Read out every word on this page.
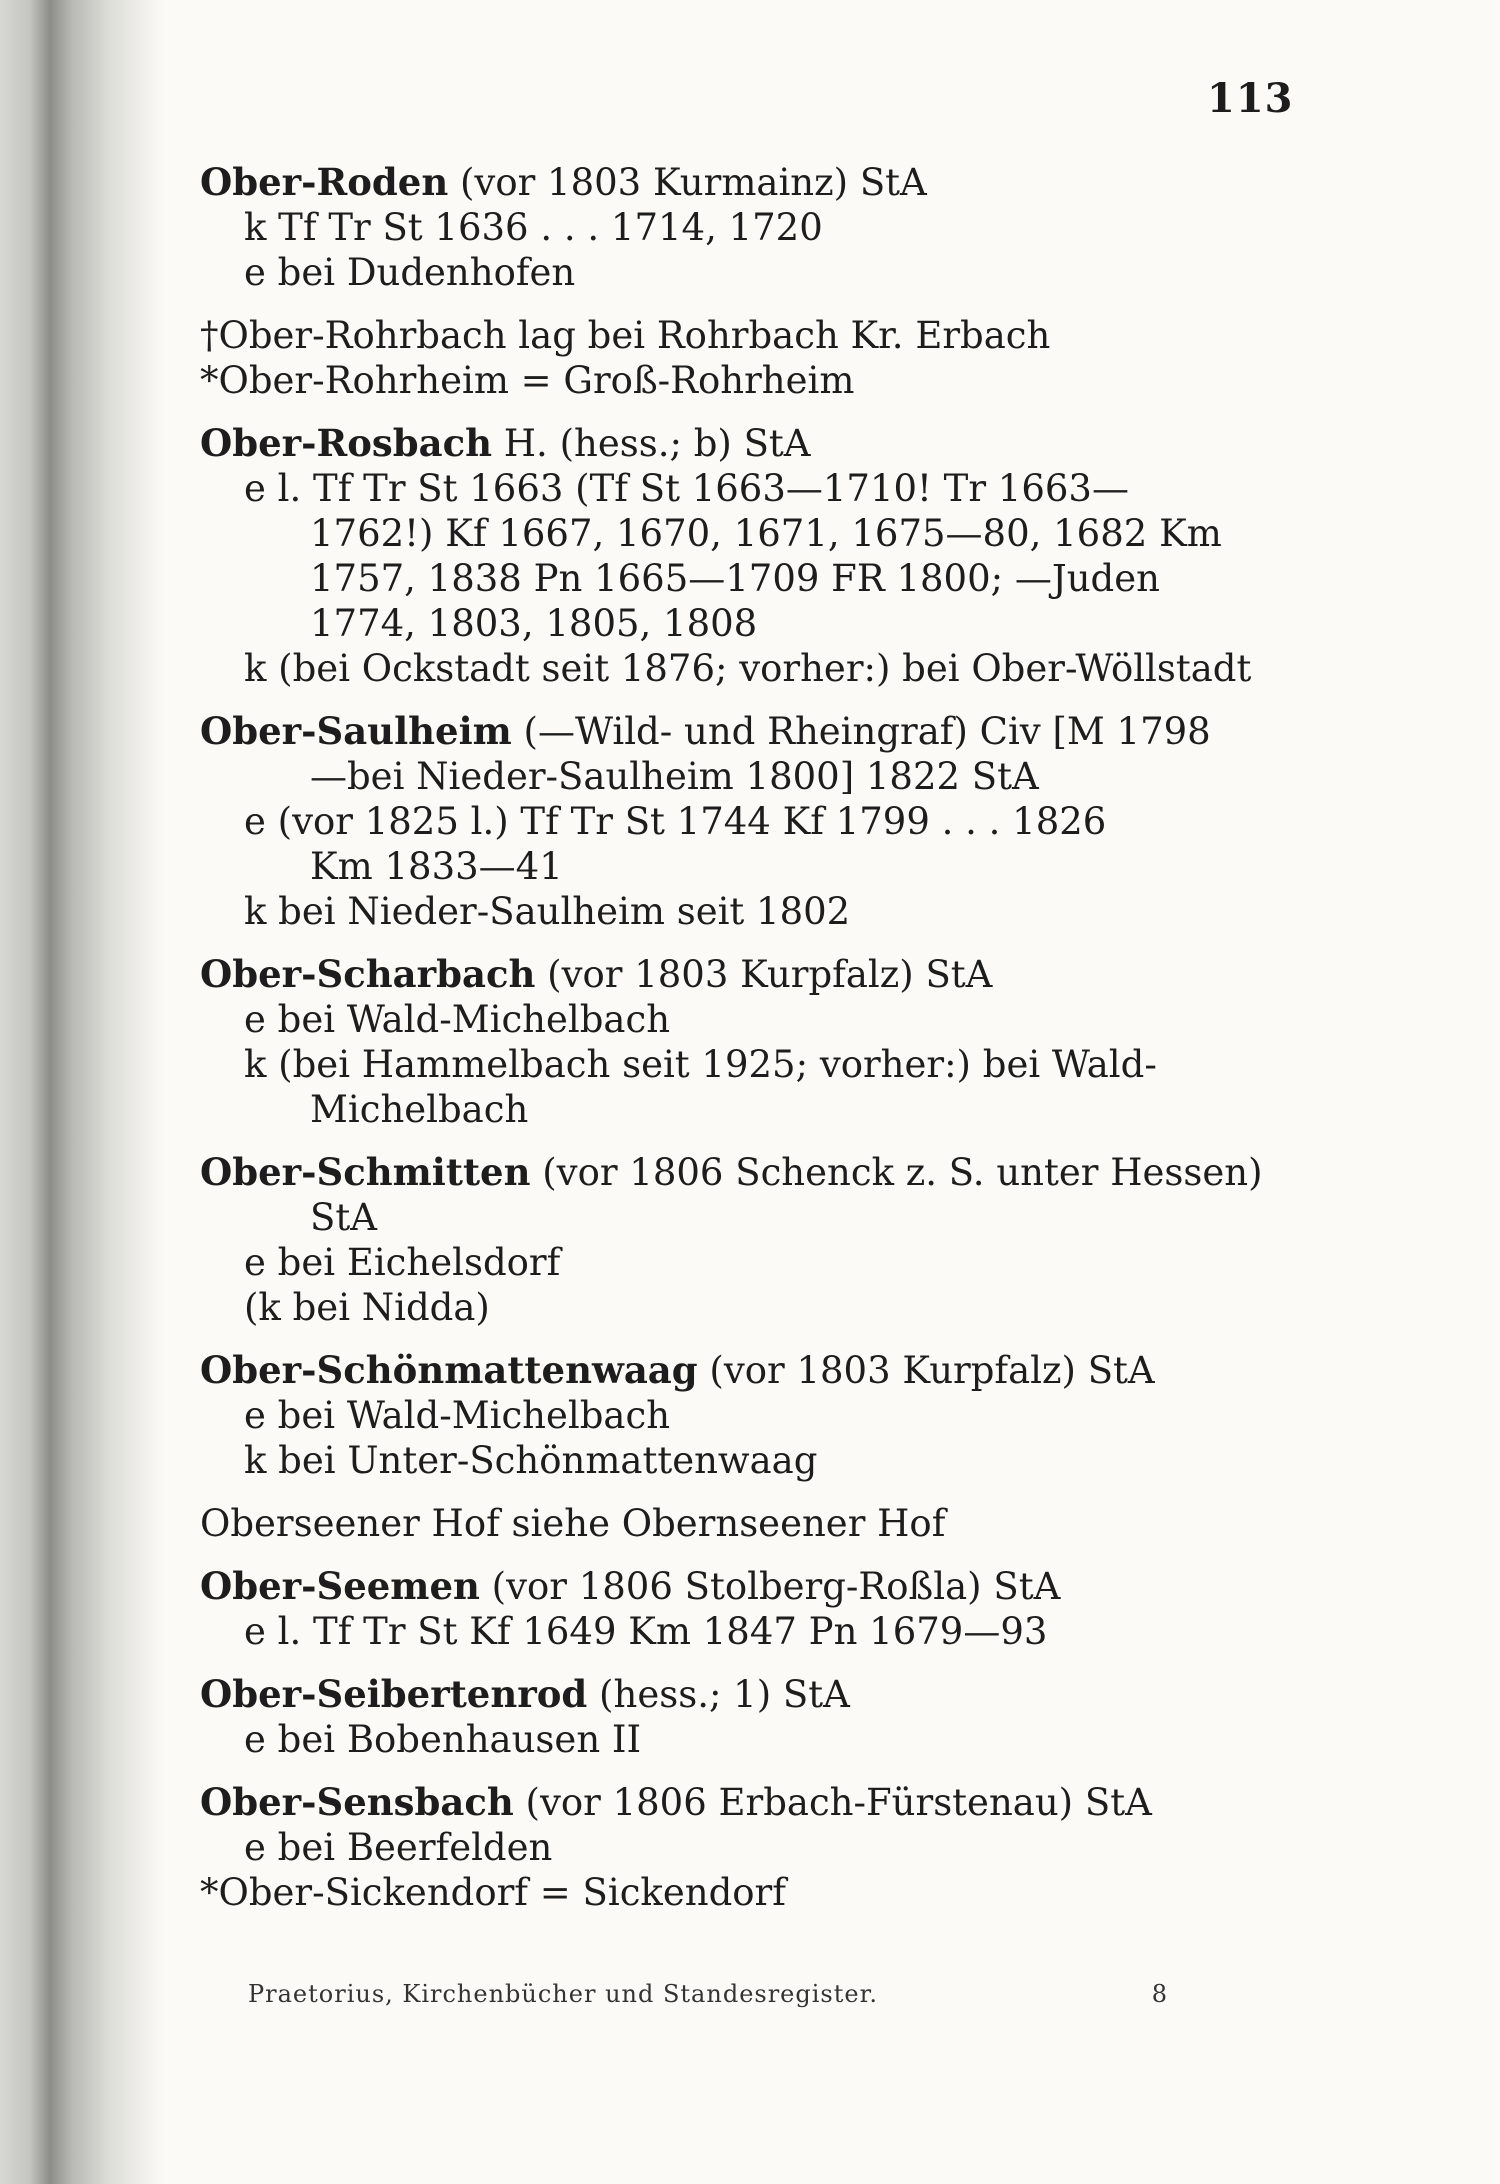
113
Ober-Roden (vor 1803 Kurmainz) StA
k Tf Tr St 1636 . . . 1714, 1720
e bei Dudenhofen
†Ober-Rohrbach lag bei Rohrbach Kr. Erbach
*Ober-Rohrheim = Groß-Rohrheim
Ober-Rosbach H. (hess.; b) StA
e l. Tf Tr St 1663 (Tf St 1663—1710! Tr 1663—
1762!) Kf 1667, 1670, 1671, 1675—80, 1682 Km
1757, 1838 Pn 1665—1709 FR 1800; —Juden
1774, 1803, 1805, 1808
k (bei Ockstadt seit 1876; vorher:) bei Ober-Wöllstadt
Ober-Saulheim (—Wild- und Rheingraf) Civ [M 1798
—bei Nieder-Saulheim 1800] 1822 StA
e (vor 1825 l.) Tf Tr St 1744 Kf 1799 . . . 1826
Km 1833—41
k bei Nieder-Saulheim seit 1802
Ober-Scharbach (vor 1803 Kurpfalz) StA
e bei Wald-Michelbach
k (bei Hammelbach seit 1925; vorher:) bei Wald-
Michelbach
Ober-Schmitten (vor 1806 Schenck z. S. unter Hessen)
StA
e bei Eichelsdorf
(k bei Nidda)
Ober-Schönmattenwaag (vor 1803 Kurpfalz) StA
e bei Wald-Michelbach
k bei Unter-Schönmattenwaag
Oberseener Hof siehe Obernseener Hof
Ober-Seemen (vor 1806 Stolberg-Roßla) StA
e l. Tf Tr St Kf 1649 Km 1847 Pn 1679—93
Ober-Seibertenrod (hess.; 1) StA
e bei Bobenhausen II
Ober-Sensbach (vor 1806 Erbach-Fürstenau) StA
e bei Beerfelden
*Ober-Sickendorf = Sickendorf
Praetorius, Kirchenbücher und Standesregister.	8
